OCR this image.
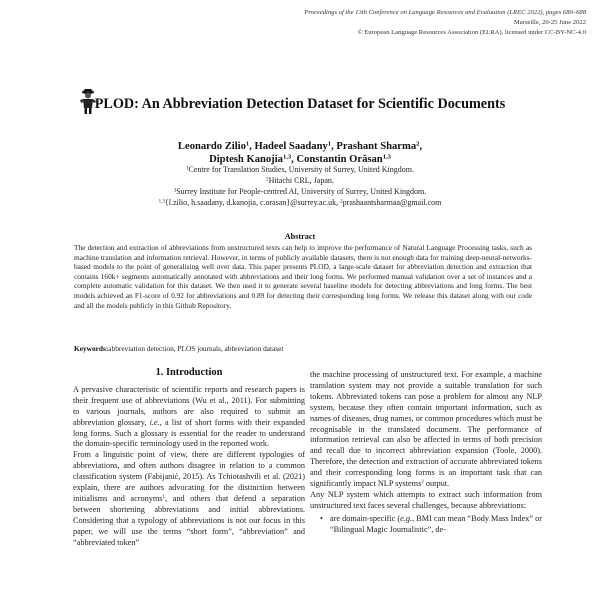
Proceedings of the 13th Conference on Language Resources and Evaluation (LREC 2022), pages 680–688
Marseille, 20-25 June 2022
© European Language Resources Association (ELRA), licensed under CC-BY-NC-4.0
PLOD: An Abbreviation Detection Dataset for Scientific Documents
Leonardo Zilio$^1$, Hadeel Saadany$^1$, Prashant Sharma$^2$,
Diptesh Kanojia$^{1,3}$, Constantin Orăsan$^{1,3}$
$^1$Centre for Translation Studies, University of Surrey, United Kingdom.
$^2$Hitachi CRL, Japan.
$^3$Surrey Institute for People-centred AI, University of Surrey, United Kingdom.
$^{1,3}${l.zilio, h.saadany, d.kanojia, c.orasan}@surrey.ac.uk, $^2$prashaantsharmaa@gmail.com
Abstract
The detection and extraction of abbreviations from unstructured texts can help to improve the performance of Natural Language Processing tasks, such as machine translation and information retrieval. However, in terms of publicly available datasets, there is not enough data for training deep-neural-networks-based models to the point of generalising well over data. This paper presents PLOD, a large-scale dataset for abbreviation detection and extraction that contains 160k+ segments automatically annotated with abbreviations and their long forms. We performed manual validation over a set of instances and a complete automatic validation for this dataset. We then used it to generate several baseline models for detecting abbreviations and long forms. The best models achieved an F1-score of 0.92 for abbreviations and 0.89 for detecting their corresponding long forms. We release this dataset along with our code and all the models publicly in this Github Repository.
Keywords:abbreviation detection, PLOS journals, abbreviation dataset
1. Introduction

A pervasive characteristic of scientific reports and research papers is their frequent use of abbreviations (Wu et al., 2011). For submitting to various journals, authors are also required to submit an abbreviation glossary, i.e., a list of short forms with their expanded long forms. Such a glossary is essential for the reader to understand the domain-specific terminology used in the reported work.

From a linguistic point of view, there are different typologies of abbreviations, and often authors disagree in relation to a common classification system (Fabijanić, 2015). As Tchiotashvili et al. (2021) explain, there are authors advocating for the distinction between initialisms and acronyms$^1$, and others that defend a separation between shortening abbreviations and initial abbreviations. Considering that a typology of abbreviations is not our focus in this paper, we will use the terms “short form”, “abbreviation” and “abbreviated token”

the machine processing of unstructured text. For example, a machine translation system may not provide a suitable translation for such tokens. Abbreviated tokens can pose a problem for almost any NLP system, because they often contain important information, such as names of diseases, drug names, or common procedures which must be recognisable in the translated document. The performance of information retrieval can also be affected in terms of both precision and recall due to incorrect abbreviation expansion (Toole, 2000). Therefore, the detection and extraction of accurate abbreviated tokens and their corresponding long forms is an important task that can significantly impact NLP systems$^2$ output.

Any NLP system which attempts to extract such information from unstructured text faces several challenges, because abbreviations:

• are domain-specific (e.g., BMI can mean “Body Mass Index” or “Bilingual Magic Journalistic”, de-
